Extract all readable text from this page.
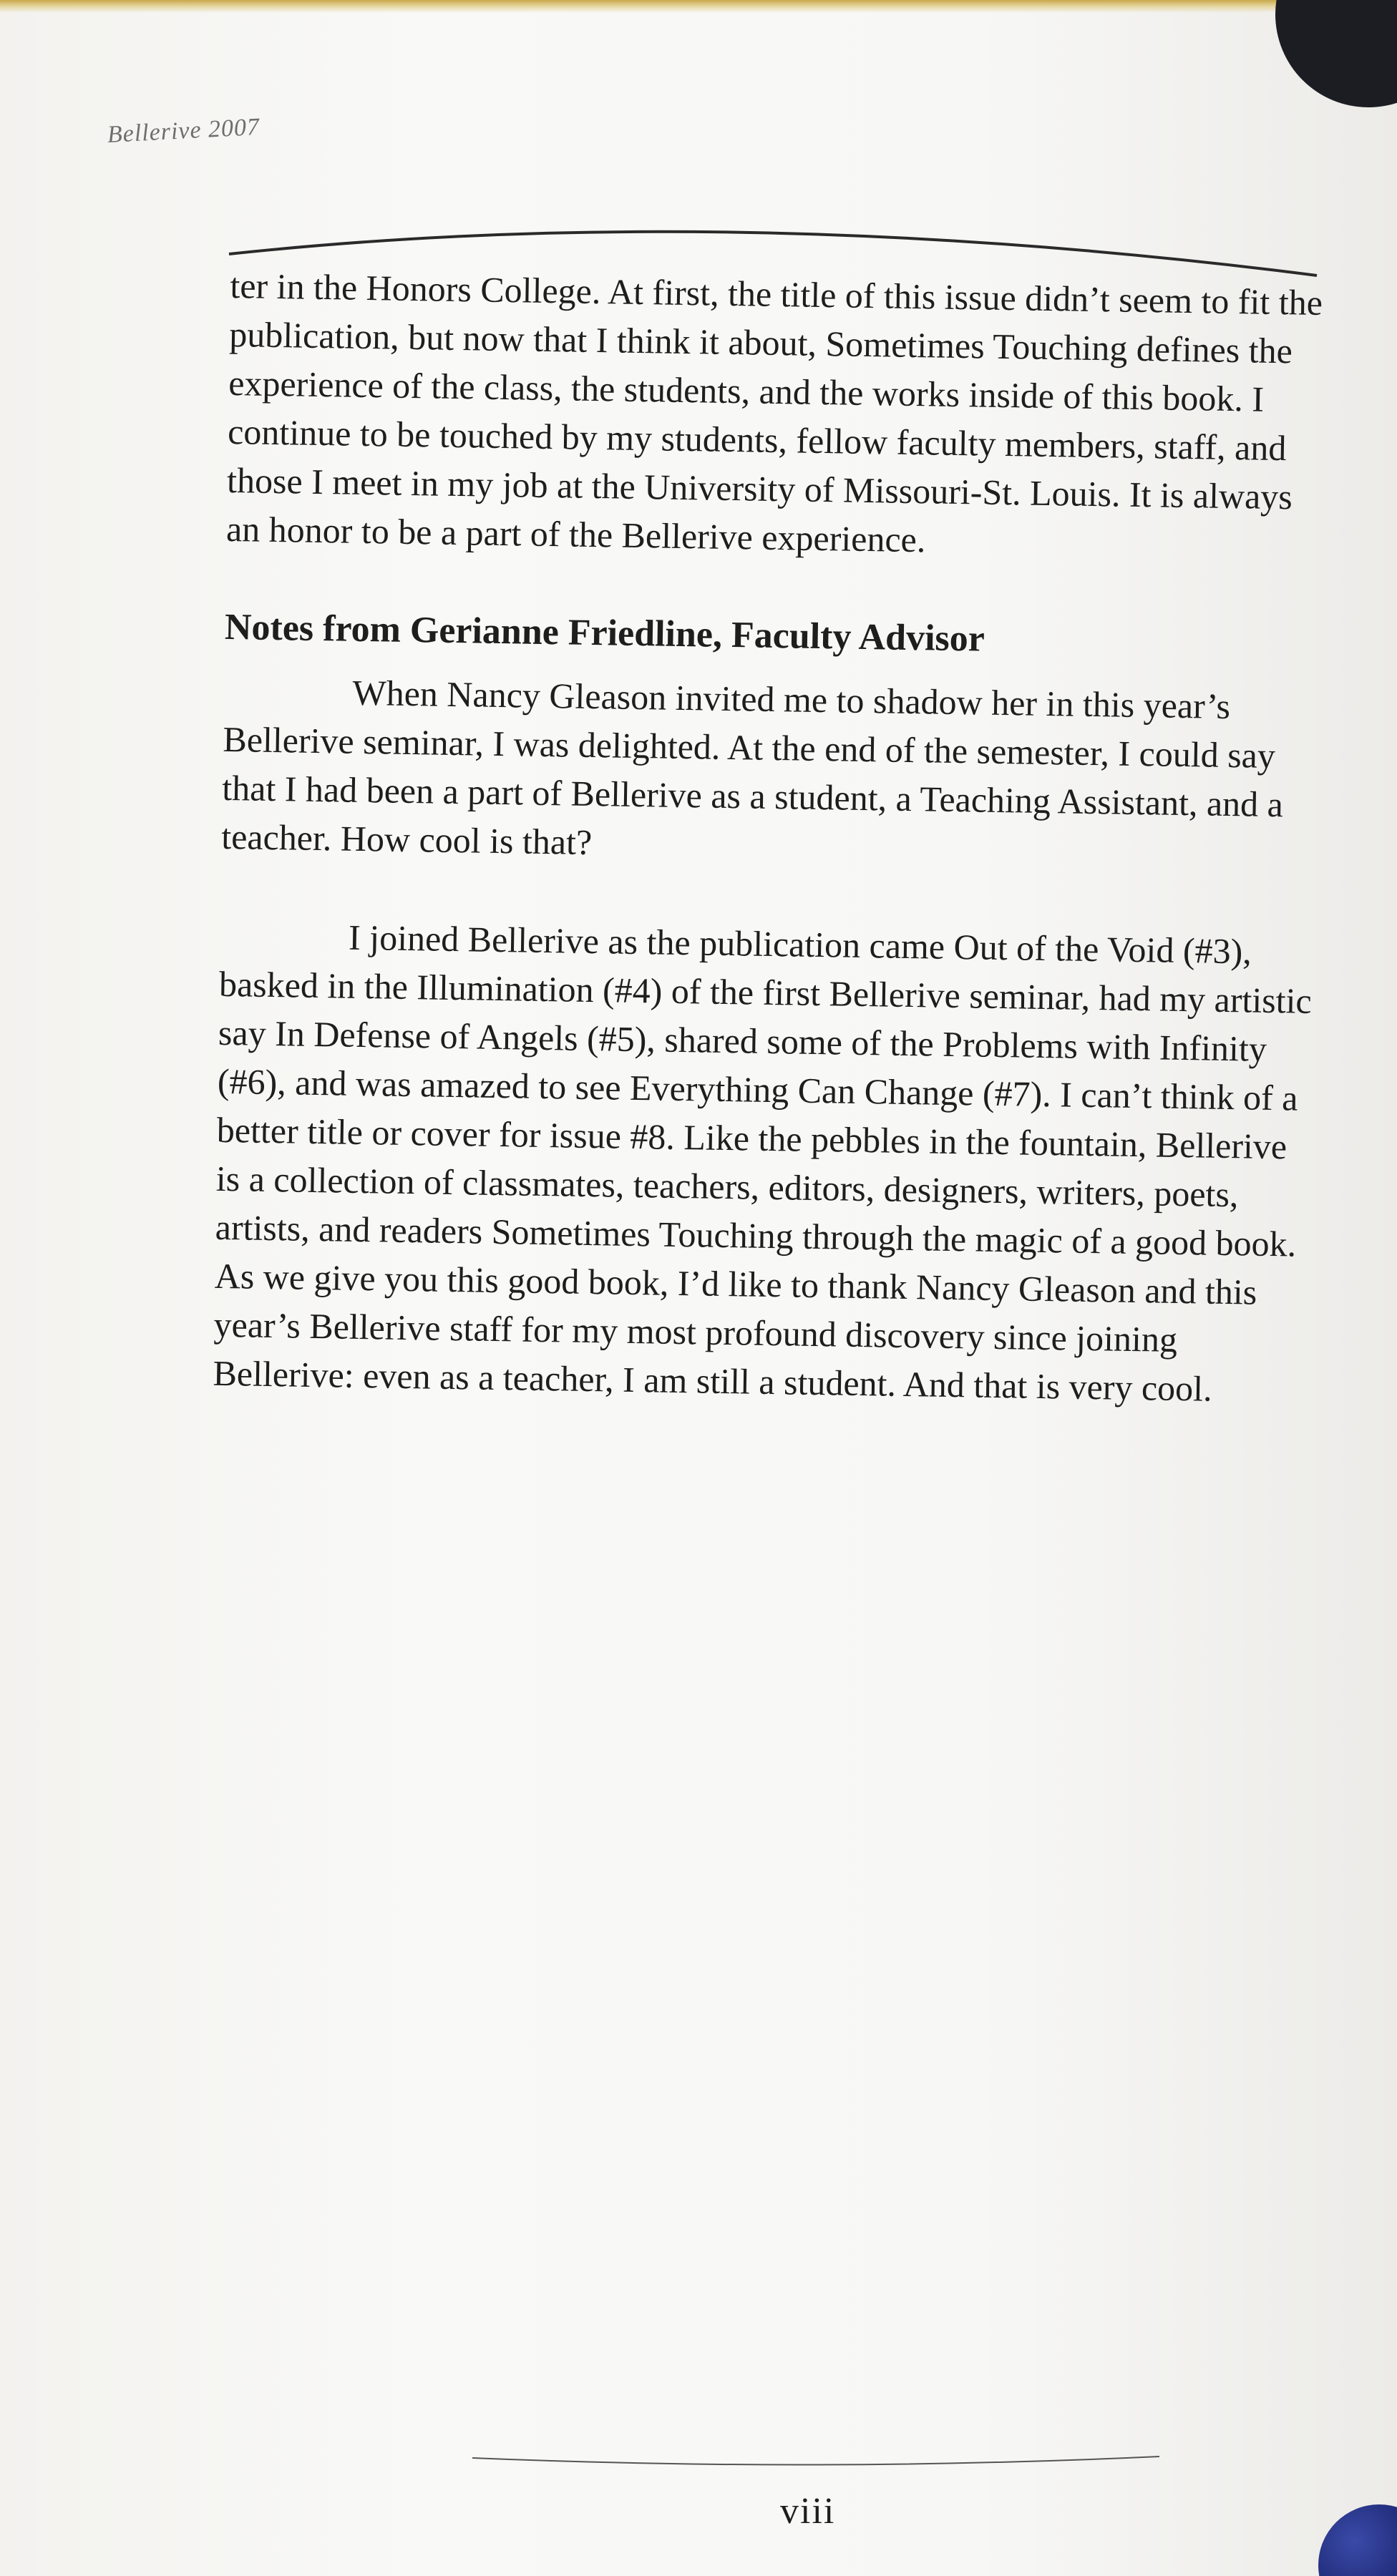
Bellerive 2007

ter in the Honors College. At first, the title of this issue didn’t seem to fit the publication, but now that I think it about, Sometimes Touching defines the experience of the class, the students, and the works inside of this book. I continue to be touched by my students, fellow faculty members, staff, and those I meet in my job at the University of Missouri-St. Louis. It is always an honor to be a part of the Bellerive experience.

Notes from Gerianne Friedline, Faculty Advisor

When Nancy Gleason invited me to shadow her in this year’s Bellerive seminar, I was delighted. At the end of the semester, I could say that I had been a part of Bellerive as a student, a Teaching Assistant, and a teacher. How cool is that?

I joined Bellerive as the publication came Out of the Void (#3), basked in the Illumination (#4) of the first Bellerive seminar, had my artistic say In Defense of Angels (#5), shared some of the Problems with Infinity (#6), and was amazed to see Everything Can Change (#7). I can’t think of a better title or cover for issue #8. Like the pebbles in the fountain, Bellerive is a collection of classmates, teachers, editors, designers, writers, poets, artists, and readers Sometimes Touching through the magic of a good book. As we give you this good book, I’d like to thank Nancy Gleason and this year’s Bellerive staff for my most profound discovery since joining Bellerive: even as a teacher, I am still a student. And that is very cool.

viii
